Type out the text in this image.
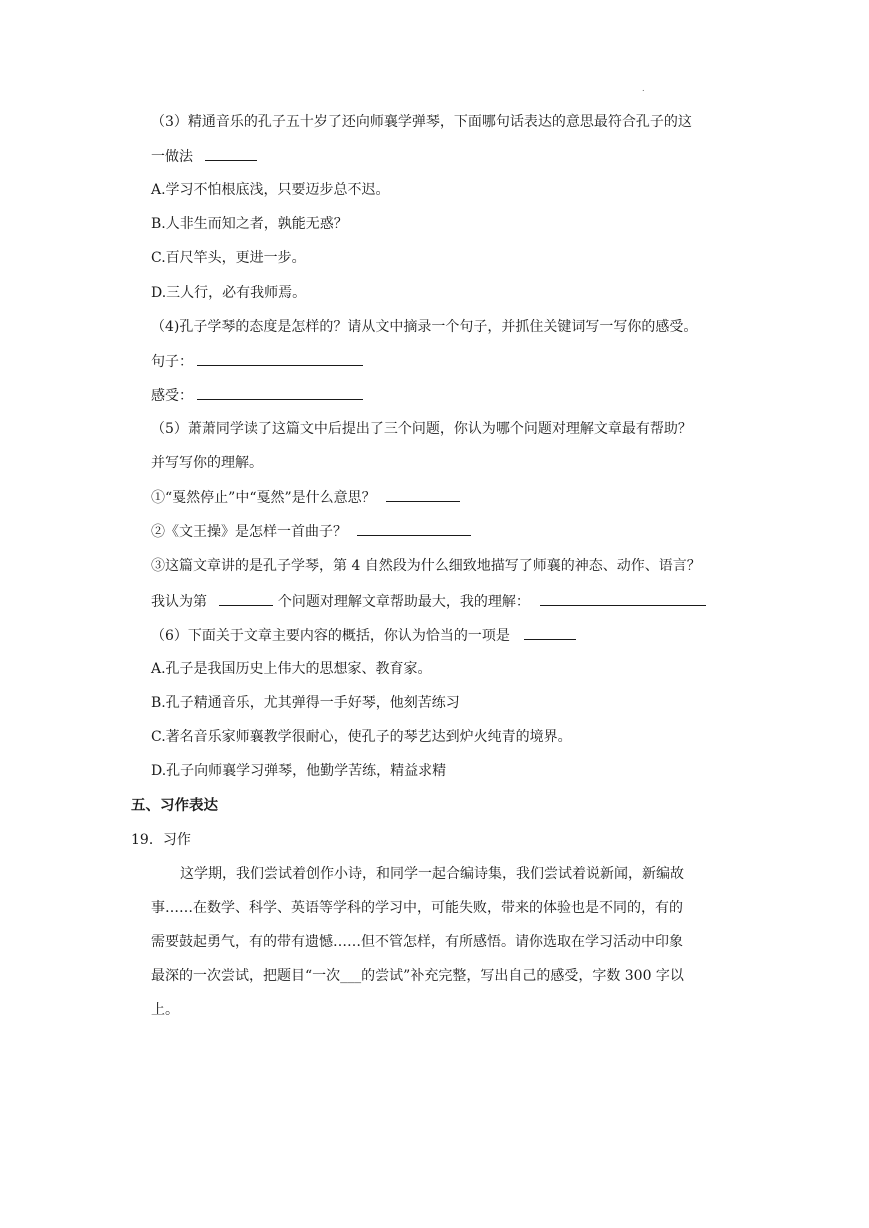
.
（3）精通音乐的孔子五十岁了还向师襄学弹琴，下面哪句话表达的意思最符合孔子的这
一做法
A.学习不怕根底浅，只要迈步总不迟。
B.人非生而知之者，孰能无惑？
C.百尺竿头，更进一步。
D.三人行，必有我师焉。
（4)孔子学琴的态度是怎样的？请从文中摘录一个句子，并抓住关键词写一写你的感受。
句子：
感受：
（5）萧萧同学读了这篇文中后提出了三个问题，你认为哪个问题对理解文章最有帮助？
并写写你的理解。
①“戛然停止”中“戛然”是什么意思？
②《文王操》是怎样一首曲子？
③这篇文章讲的是孔子学琴，第 4 自然段为什么细致地描写了师襄的神态、动作、语言？
我认为第	个问题对理解文章帮助最大，我的理解：
（6）下面关于文章主要内容的概括，你认为恰当的一项是
A.孔子是我国历史上伟大的思想家、教育家。
B.孔子精通音乐，尤其弹得一手好琴，他刻苦练习
C.著名音乐家师襄教学很耐心，使孔子的琴艺达到炉火纯青的境界。
D.孔子向师襄学习弹琴，他勤学苦练，精益求精
五、习作表达
19．习作
这学期，我们尝试着创作小诗，和同学一起合编诗集，我们尝试着说新闻，新编故
事……在数学、科学、英语等学科的学习中，可能失败，带来的体验也是不同的，有的
需要鼓起勇气，有的带有遗憾……但不管怎样，有所感悟。请你选取在学习活动中印象
最深的一次尝试，把题目“一次___的尝试”补充完整，写出自己的感受，字数 300 字以
上。
